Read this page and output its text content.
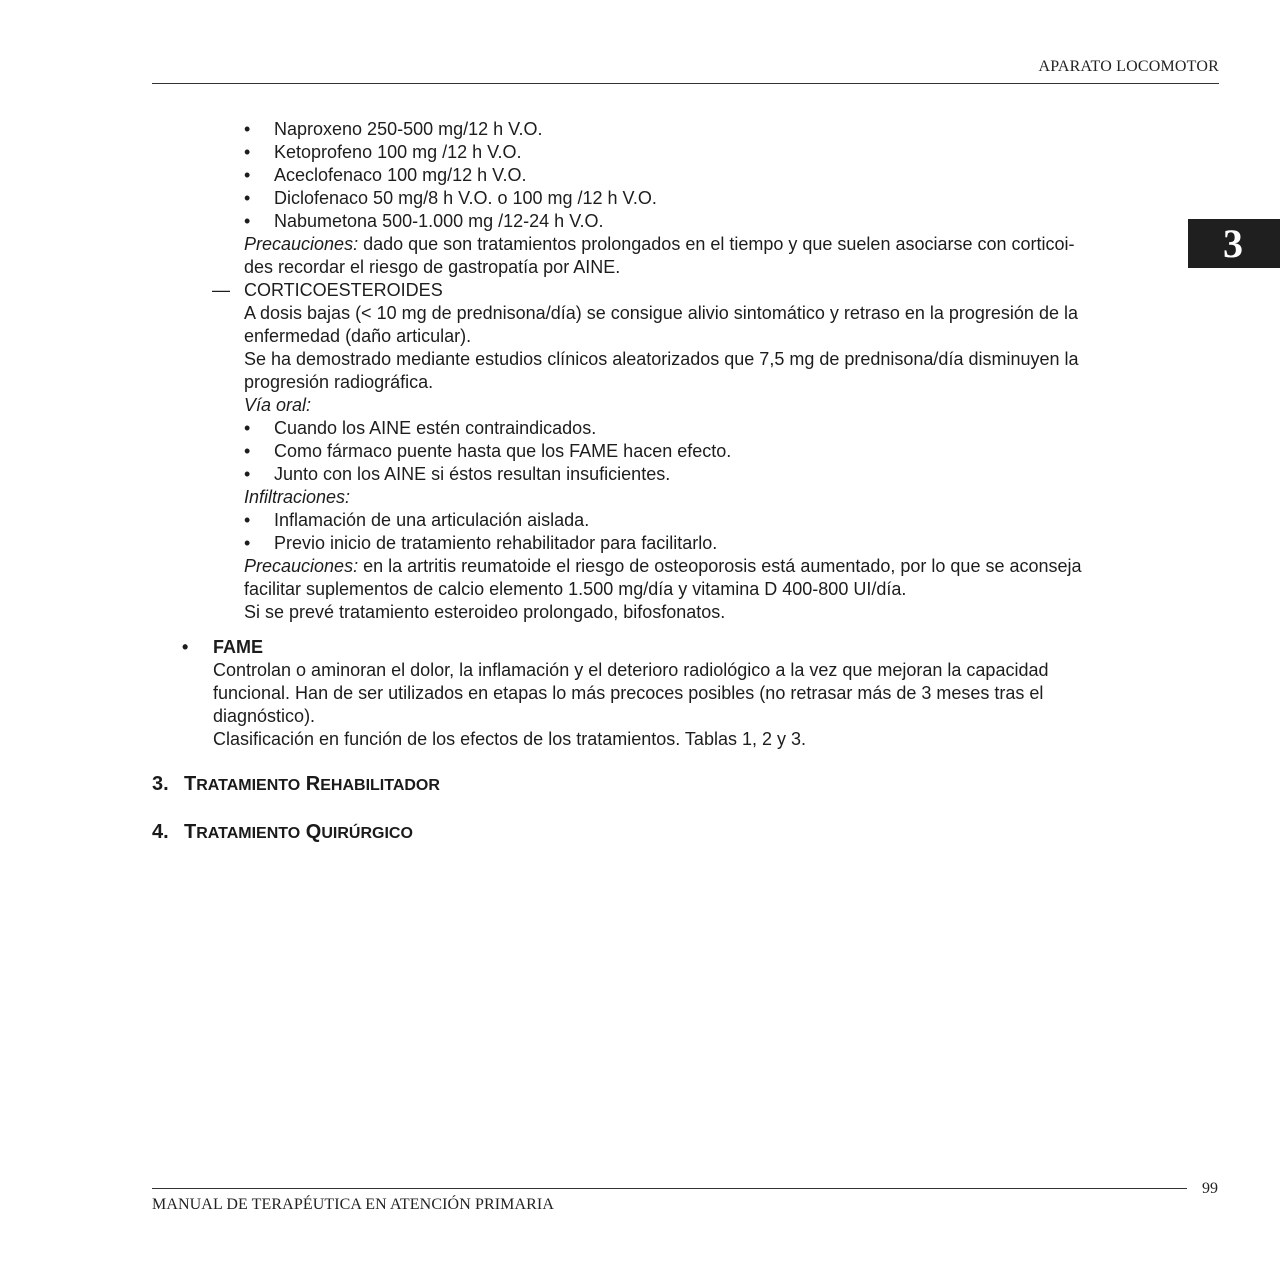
APARATO LOCOMOTOR
3
• Naproxeno 250-500 mg/12 h V.O.
• Ketoprofeno 100 mg /12 h V.O.
• Aceclofenaco 100 mg/12 h V.O.
• Diclofenaco 50 mg/8 h V.O. o 100 mg /12 h V.O.
• Nabumetona 500-1.000 mg /12-24 h V.O.
Precauciones: dado que son tratamientos prolongados en el tiempo y que suelen asociarse con corticoi-
des recordar el riesgo de gastropatía por AINE.
— CORTICOESTEROIDES
A dosis bajas (< 10 mg de prednisona/día) se consigue alivio sintomático y retraso en la progresión de la
enfermedad (daño articular).
Se ha demostrado mediante estudios clínicos aleatorizados que 7,5 mg de prednisona/día disminuyen la
progresión radiográfica.
Vía oral:
• Cuando los AINE estén contraindicados.
• Como fármaco puente hasta que los FAME hacen efecto.
• Junto con los AINE si éstos resultan insuficientes.
Infiltraciones:
• Inflamación de una articulación aislada.
• Previo inicio de tratamiento rehabilitador para facilitarlo.
Precauciones: en la artritis reumatoide el riesgo de osteoporosis está aumentado, por lo que se aconseja
facilitar suplementos de calcio elemento 1.500 mg/día y vitamina D 400-800 UI/día.
Si se prevé tratamiento esteroideo prolongado, bifosfonatos.
• FAME
Controlan o aminoran el dolor, la inflamación y el deterioro radiológico a la vez que mejoran la capacidad
funcional. Han de ser utilizados en etapas lo más precoces posibles (no retrasar más de 3 meses tras el
diagnóstico).
Clasificación en función de los efectos de los tratamientos. Tablas 1, 2 y 3.
3. TRATAMIENTO REHABILITADOR
4. TRATAMIENTO QUIRÚRGICO
99
MANUAL DE TERAPÉUTICA EN ATENCIÓN PRIMARIA
